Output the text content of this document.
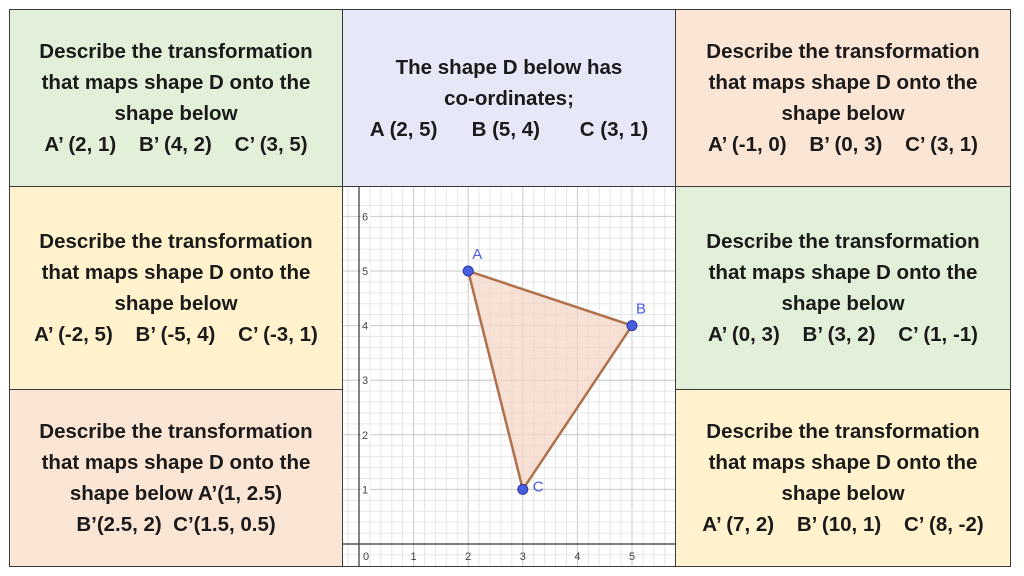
Describe the transformation
that maps shape D onto the
shape below
A’ (2, 1)    B’ (4, 2)    C’ (3, 5)
The shape D below has
co-ordinates;
A (2, 5)      B (5, 4)       C (3, 1)
Describe the transformation
that maps shape D onto the
shape below
A’ (-1, 0)    B’ (0, 3)    C’ (3, 1)
Describe the transformation
that maps shape D onto the
shape below
A’ (-2, 5)    B’ (-5, 4)    C’ (-3, 1)
Describe the transformation
that maps shape D onto the
shape below
A’ (0, 3)    B’ (3, 2)    C’ (1, -1)
Describe the transformation
that maps shape D onto the
shape below A’(1, 2.5)
B’(2.5, 2)  C’(1.5, 0.5)
Describe the transformation
that maps shape D onto the
shape below
A’ (7, 2)    B’ (10, 1)    C’ (8, -2)
0	1	2	3	4	5
1
2
3
4
5
6
A
B
C
